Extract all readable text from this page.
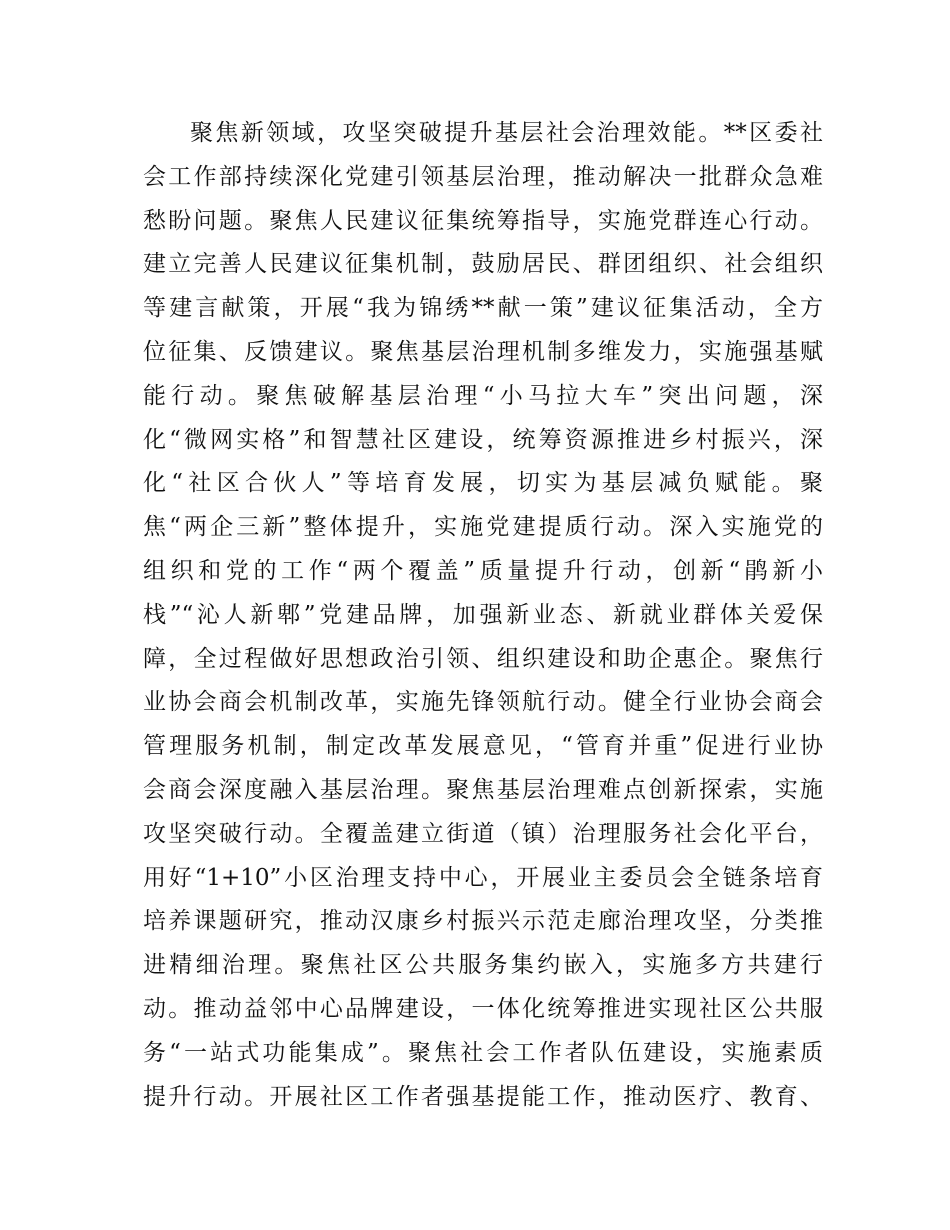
聚焦新领域，攻坚突破提升基层社会治理效能。**区委社
会工作部持续深化党建引领基层治理，推动解决一批群众急难
愁盼问题。聚焦人民建议征集统筹指导，实施党群连心行动。
建立完善人民建议征集机制，鼓励居民、群团组织、社会组织
等建言献策，开展“我为锦绣**献一策”建议征集活动，全方
位征集、反馈建议。聚焦基层治理机制多维发力，实施强基赋
能行动。聚焦破解基层治理“小马拉大车”突出问题，深
化“微网实格”和智慧社区建设，统筹资源推进乡村振兴，深
化“社区合伙人”等培育发展，切实为基层减负赋能。聚
焦“两企三新”整体提升，实施党建提质行动。深入实施党的
组织和党的工作“两个覆盖”质量提升行动，创新“鹃新小
栈”“沁人新郫”党建品牌，加强新业态、新就业群体关爱保
障，全过程做好思想政治引领、组织建设和助企惠企。聚焦行
业协会商会机制改革，实施先锋领航行动。健全行业协会商会
管理服务机制，制定改革发展意见，“管育并重”促进行业协
会商会深度融入基层治理。聚焦基层治理难点创新探索，实施
攻坚突破行动。全覆盖建立街道（镇）治理服务社会化平台，
用好“1+10”小区治理支持中心，开展业主委员会全链条培育
培养课题研究，推动汉康乡村振兴示范走廊治理攻坚，分类推
进精细治理。聚焦社区公共服务集约嵌入，实施多方共建行
动。推动益邻中心品牌建设，一体化统筹推进实现社区公共服
务“一站式功能集成”。聚焦社会工作者队伍建设，实施素质
提升行动。开展社区工作者强基提能工作，推动医疗、教育、
